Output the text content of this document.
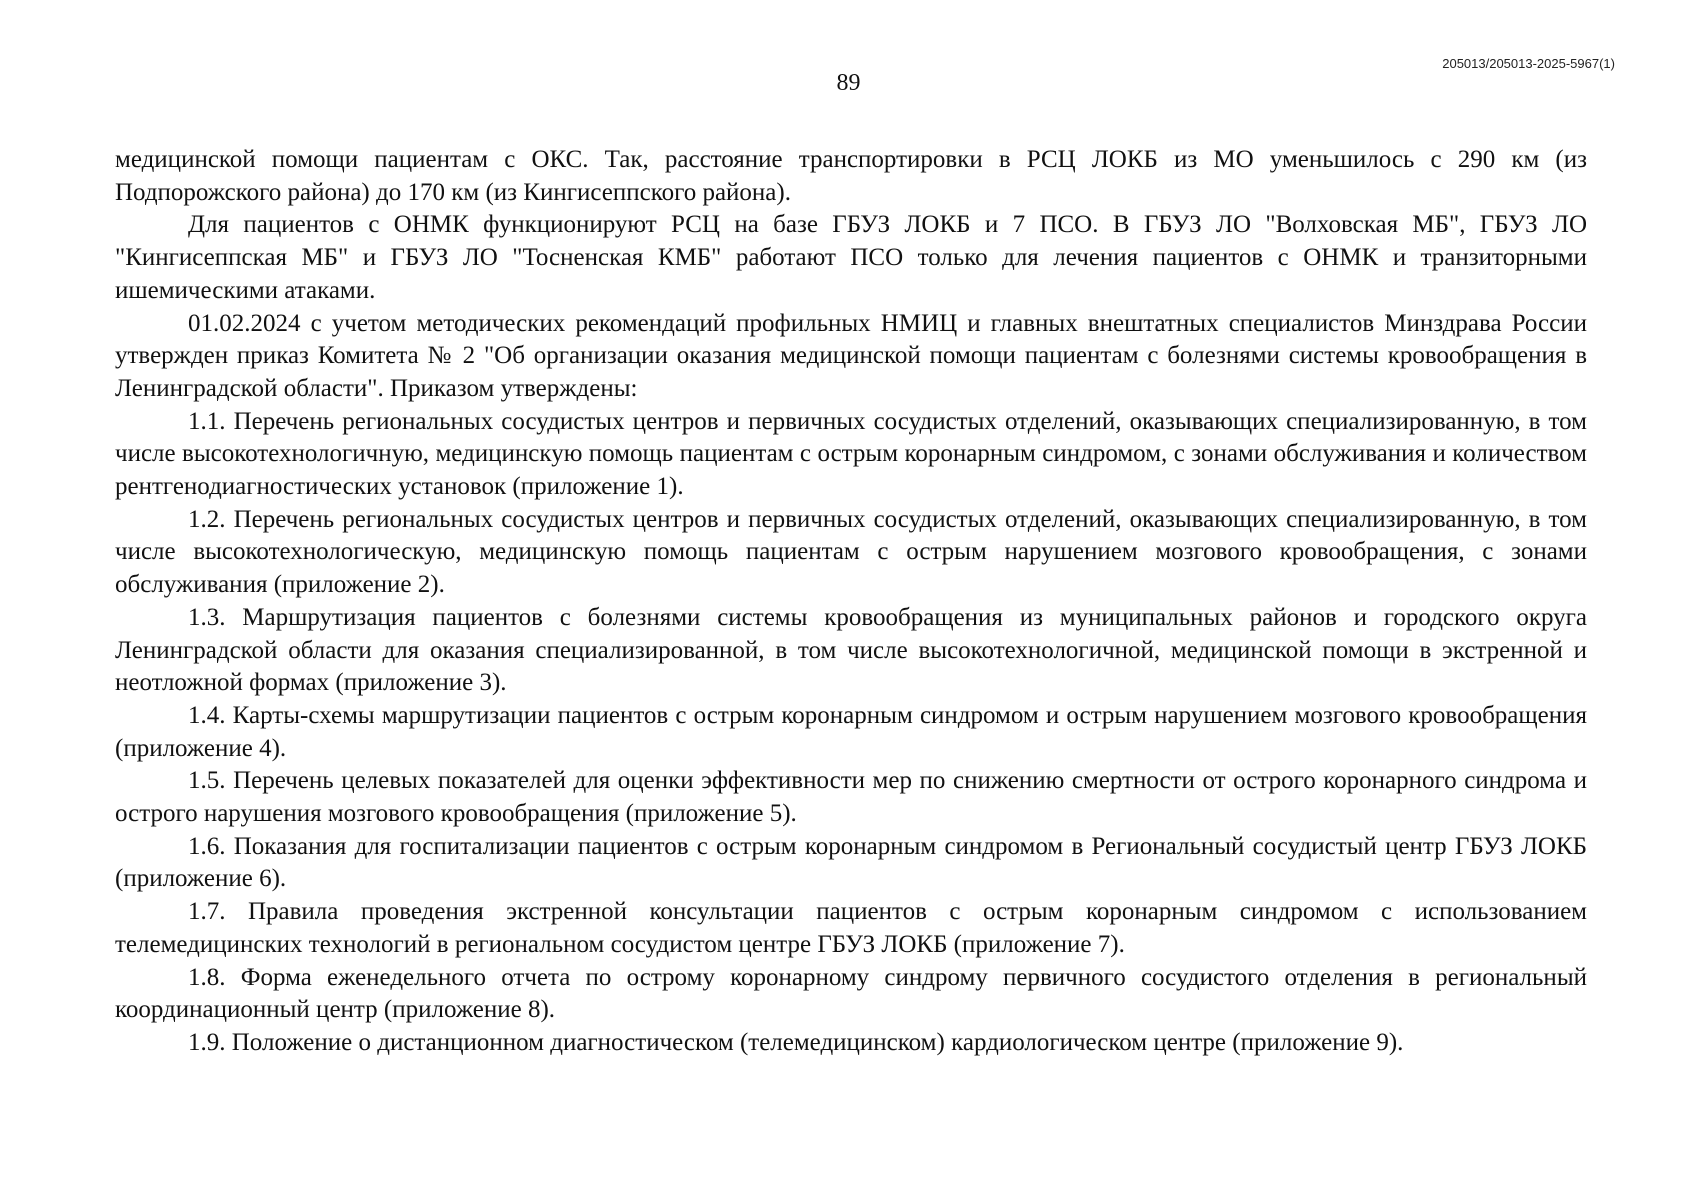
205013/205013-2025-5967(1)
89

медицинской помощи пациентам с ОКС. Так, расстояние транспортировки в РСЦ ЛОКБ из МО уменьшилось с 290 км (из Подпорожского района) до 170 км (из Кингисеппского района).

Для пациентов с ОНМК функционируют РСЦ на базе ГБУЗ ЛОКБ и 7 ПСО. В ГБУЗ ЛО "Волховская МБ", ГБУЗ ЛО "Кингисеппская МБ" и ГБУЗ ЛО "Тосненская КМБ" работают ПСО только для лечения пациентов с ОНМК и транзиторными ишемическими атаками.

01.02.2024 с учетом методических рекомендаций профильных НМИЦ и главных внештатных специалистов Минздрава России утвержден приказ Комитета № 2 "Об организации оказания медицинской помощи пациентам с болезнями системы кровообращения в Ленинградской области". Приказом утверждены:

1.1. Перечень региональных сосудистых центров и первичных сосудистых отделений, оказывающих специализированную, в том числе высокотехнологичную, медицинскую помощь пациентам с острым коронарным синдромом, с зонами обслуживания и количеством рентгенодиагностических установок (приложение 1).

1.2. Перечень региональных сосудистых центров и первичных сосудистых отделений, оказывающих специализированную, в том числе высокотехнологическую, медицинскую помощь пациентам с острым нарушением мозгового кровообращения, с зонами обслуживания (приложение 2).

1.3. Маршрутизация пациентов с болезнями системы кровообращения из муниципальных районов и городского округа Ленинградской области для оказания специализированной, в том числе высокотехнологичной, медицинской помощи в экстренной и неотложной формах (приложение 3).

1.4. Карты-схемы маршрутизации пациентов с острым коронарным синдромом и острым нарушением мозгового кровообращения (приложение 4).

1.5. Перечень целевых показателей для оценки эффективности мер по снижению смертности от острого коронарного синдрома и острого нарушения мозгового кровообращения (приложение 5).

1.6. Показания для госпитализации пациентов с острым коронарным синдромом в Региональный сосудистый центр ГБУЗ ЛОКБ (приложение 6).

1.7. Правила проведения экстренной консультации пациентов с острым коронарным синдромом с использованием телемедицинских технологий в региональном сосудистом центре ГБУЗ ЛОКБ (приложение 7).

1.8. Форма еженедельного отчета по острому коронарному синдрому первичного сосудистого отделения в региональный координационный центр (приложение 8).

1.9. Положение о дистанционном диагностическом (телемедицинском) кардиологическом центре (приложение 9).
